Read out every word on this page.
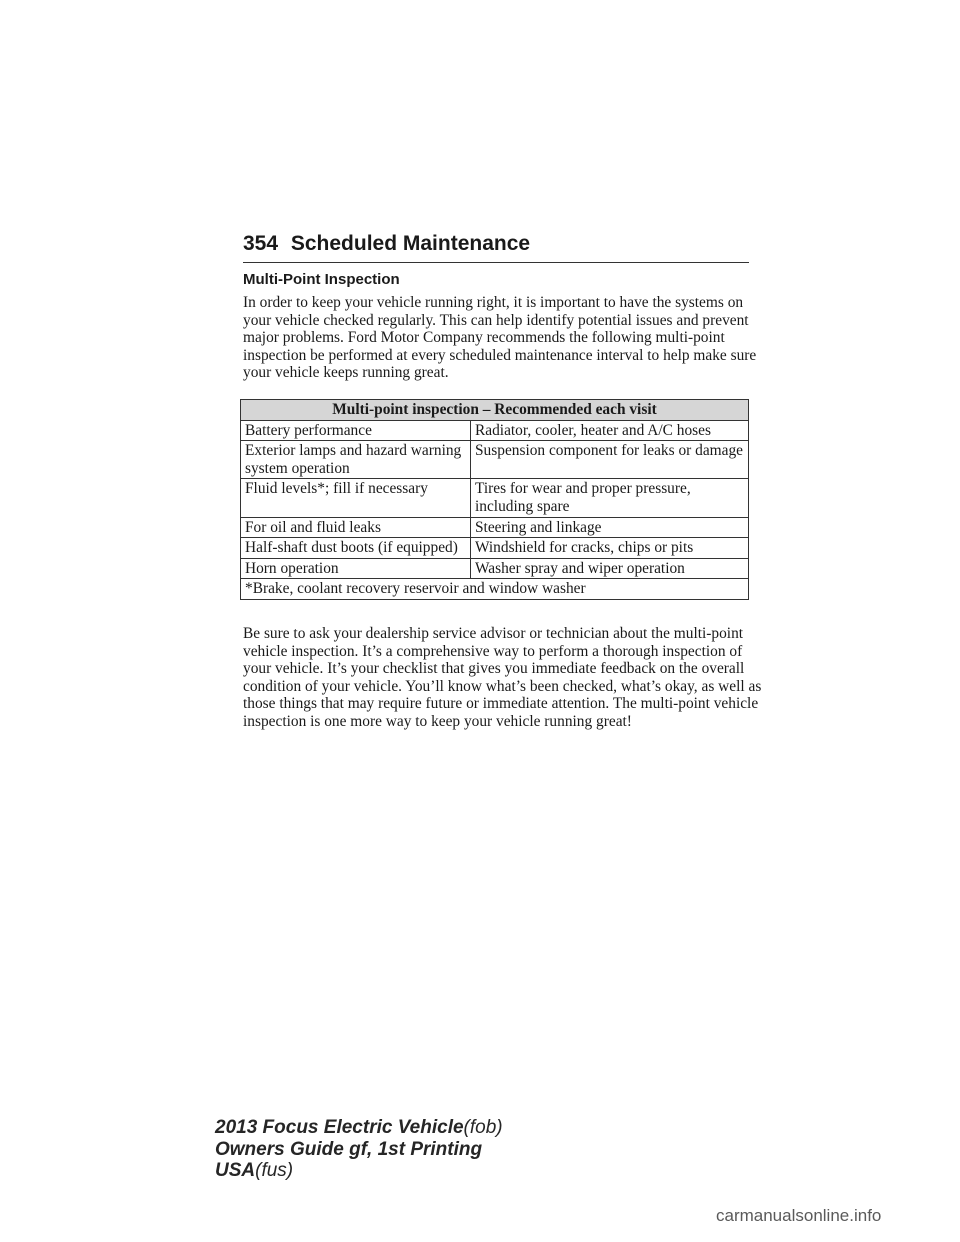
354 Scheduled Maintenance
Multi-Point Inspection

In order to keep your vehicle running right, it is important to have the systems on your vehicle checked regularly. This can help identify potential issues and prevent major problems. Ford Motor Company recommends the following multi-point inspection be performed at every scheduled maintenance interval to help make sure your vehicle keeps running great.

Multi-point inspection – Recommended each visit	
Battery performance	Radiator, cooler, heater and A/C hoses
Exterior lamps and hazard warning system operation	Suspension component for leaks or damage
Fluid levels*; fill if necessary	Tires for wear and proper pressure, including spare
For oil and fluid leaks	Steering and linkage
Half-shaft dust boots (if equipped)	Windshield for cracks, chips or pits
Horn operation	Washer spray and wiper operation
*Brake, coolant recovery reservoir and window washer	

Be sure to ask your dealership service advisor or technician about the multi-point vehicle inspection. It’s a comprehensive way to perform a thorough inspection of your vehicle. It’s your checklist that gives you immediate feedback on the overall condition of your vehicle. You’ll know what’s been checked, what’s okay, as well as those things that may require future or immediate attention. The multi-point vehicle inspection is one more way to keep your vehicle running great!

2013 Focus Electric Vehicle(fob)
Owners Guide gf, 1st Printing
USA(fus)
carmanualsonline.info
